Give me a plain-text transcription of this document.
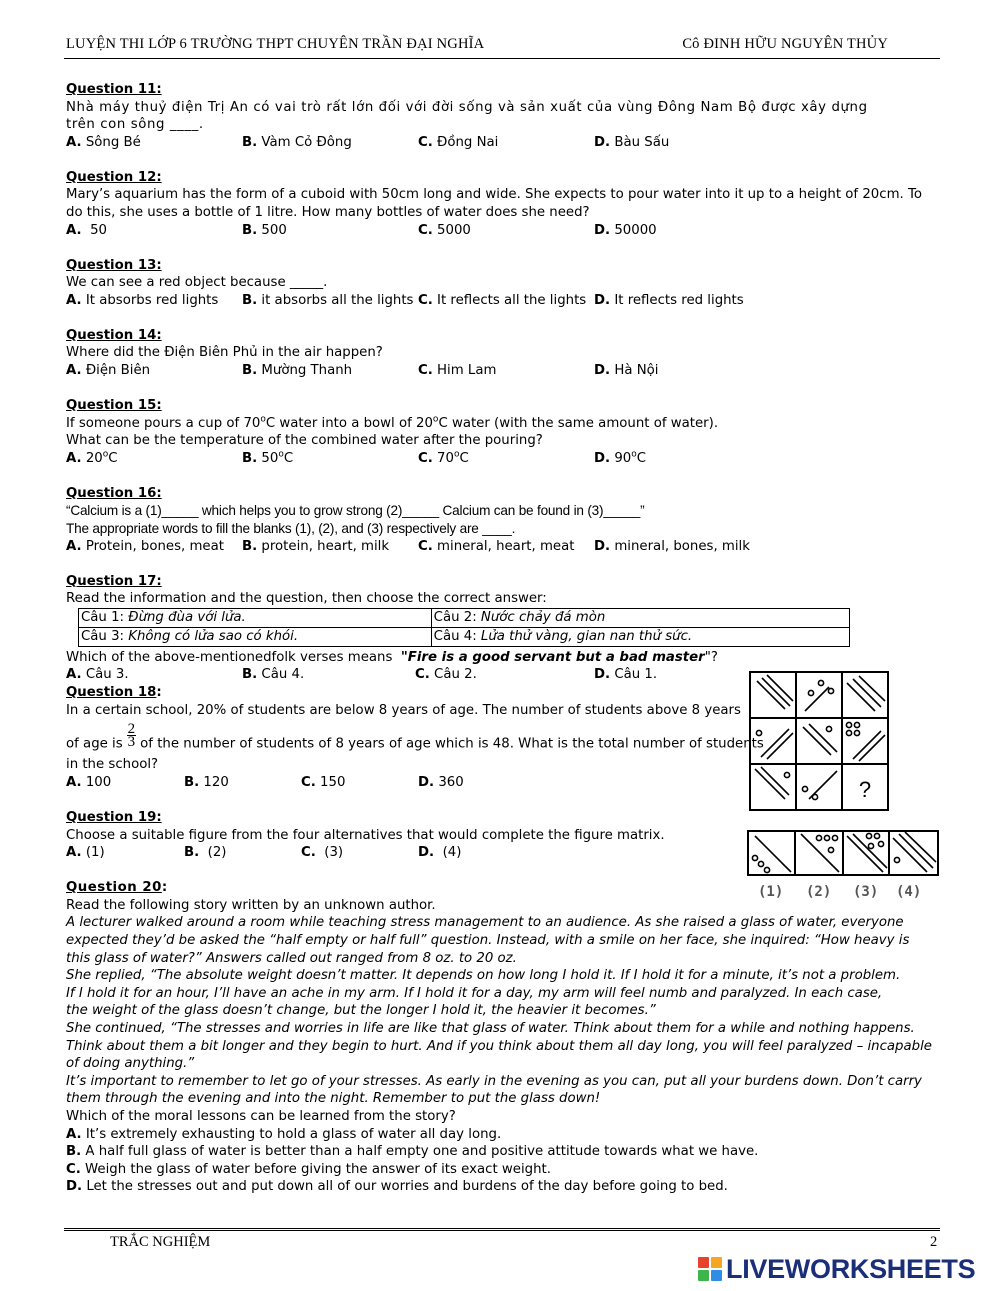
LUYỆN THI LỚP 6 TRƯỜNG THPT CHUYÊN TRẦN ĐẠI NGHĨA	Cô ĐINH HỮU NGUYÊN THỦY
Question 11:
Nhà máy thuỷ điện Trị An có vai trò rất lớn đối với đời sống và sản xuất của vùng Đông Nam Bộ được xây dựng
trên con sông ____.
A. Sông Bé	B. Vàm Cỏ Đông	C. Đồng Nai	D. Bàu Sấu
Question 12:
Mary’s aquarium has the form of a cuboid with 50cm long and wide. She expects to pour water into it up to a height of 20cm. To
do this, she uses a bottle of 1 litre. How many bottles of water does she need?
A. 50	B. 500	C. 5000	D. 50000
Question 13:
We can see a red object because _____.
A. It absorbs red lights B. it absorbs all the lights C. It reflects all the lights D. It reflects red lights
Question 14:
Where did the Điện Biên Phủ in the air happen?
A. Điện Biên	B. Mường Thanh	C. Him Lam	D. Hà Nội
Question 15:
If someone pours a cup of 70$^o$C water into a bowl of 20$^o$C water (with the same amount of water).
What can be the temperature of the combined water after the pouring?
A. 20$^o$C	B. 50$^o$C	C. 70$^o$C	D. 90$^o$C
Question 16:
“Calcium is a (1)_____ which helps you to grow strong (2)_____ Calcium can be found in (3)_____”
The appropriate words to fill the blanks (1), (2), and (3) respectively are ____.
A. Protein, bones, meat B. protein, heart, milk C. mineral, heart, meat D. mineral, bones, milk
Question 17:
Read the information and the question, then choose the correct answer:
Câu 1: Đừng đùa với lửa.	Câu 2: Nước chảy đá mòn
Câu 3: Không có lửa sao có khói.	Câu 4: Lửa thử vàng, gian nan thử sức.
Which of the above-mentionedfolk verses means  "Fire is a good servant but a bad master"?
A. Câu 3.	B. Câu 4.	C. Câu 2.	D. Câu 1.
Question 18:
In a certain school, 20% of students are below 8 years of age. The number of students above 8 years
of age is $\frac{2}{3}$ of the number of students of 8 years of age which is 48. What is the total number of students
in the school?
A. 100	B. 120	C. 150	D. 360
Question 19:
Choose a suitable figure from the four alternatives that would complete the figure matrix.
A. (1)	B. (2)	C. (3)	D. (4)
Question 20:
Read the following story written by an unknown author.
A lecturer walked around a room while teaching stress management to an audience. As she raised a glass of water, everyone
expected they’d be asked the “half empty or half full” question. Instead, with a smile on her face, she inquired: “How heavy is
this glass of water?” Answers called out ranged from 8 oz. to 20 oz.
She replied, “The absolute weight doesn’t matter. It depends on how long I hold it. If I hold it for a minute, it’s not a problem.
If I hold it for an hour, I’ll have an ache in my arm. If I hold it for a day, my arm will feel numb and paralyzed. In each case,
the weight of the glass doesn’t change, but the longer I hold it, the heavier it becomes.”
She continued, “The stresses and worries in life are like that glass of water. Think about them for a while and nothing happens.
Think about them a bit longer and they begin to hurt. And if you think about them all day long, you will feel paralyzed – incapable
of doing anything.”
It’s important to remember to let go of your stresses. As early in the evening as you can, put all your burdens down. Don’t carry
them through the evening and into the night. Remember to put the glass down!
Which of the moral lessons can be learned from the story?
A. It’s extremely exhausting to hold a glass of water all day long.
B. A half full glass of water is better than a half empty one and positive attitude towards what we have.
C. Weigh the glass of water before giving the answer of its exact weight.
D. Let the stresses out and put down all of our worries and burdens of the day before going to bed.
?
(1) (2) (3) (4)
TRẮC NGHIỆM	2
LIVEWORKSHEETS
